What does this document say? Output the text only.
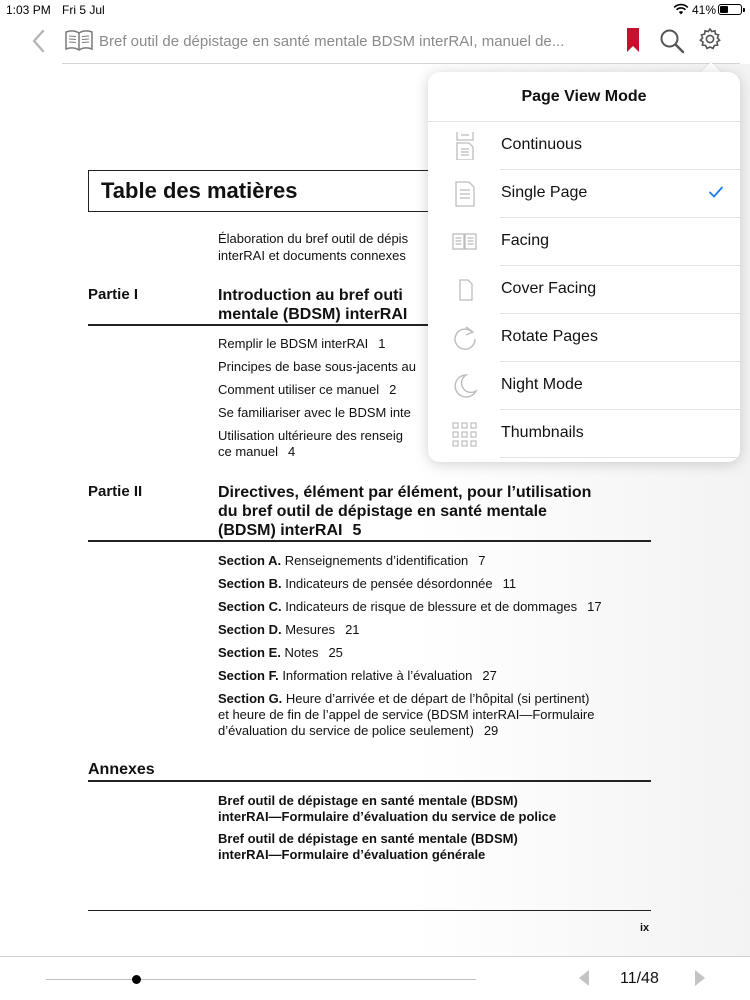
1:03 PM Fri 5 Jul	41%
Bref outil de dépistage en santé mentale BDSM interRAI, manuel de...
Table des matières
Élaboration du bref outil de dépis interRAI et documents connexes
Partie I	Introduction au bref outi mentale (BDSM) interRAI
Remplir le BDSM interRAI 1
Principes de base sous-jacents au
Comment utiliser ce manuel 2
Se familiariser avec le BDSM inte
Utilisation ultérieure des renseig
ce manuel 4
Partie II	Directives, élément par élément, pour l’utilisation
du bref outil de dépistage en santé mentale
(BDSM) interRAI 5
Section A. Renseignements d’identification 7
Section B. Indicateurs de pensée désordonnée 11
Section C. Indicateurs de risque de blessure et de dommages 17
Section D. Mesures 21
Section E. Notes 25
Section F. Information relative à l’évaluation 27
Section G. Heure d’arrivée et de départ de l’hôpital (si pertinent)
et heure de fin de l’appel de service (BDSM interRAI—Formulaire
d’évaluation du service de police seulement) 29
Annexes
Bref outil de dépistage en santé mentale (BDSM)
interRAI—Formulaire d’évaluation du service de police
Bref outil de dépistage en santé mentale (BDSM)
interRAI—Formulaire d’évaluation générale
ix
Page View Mode
Continuous
Single Page
Facing
Cover Facing
Rotate Pages
Night Mode
Thumbnails
11/48
